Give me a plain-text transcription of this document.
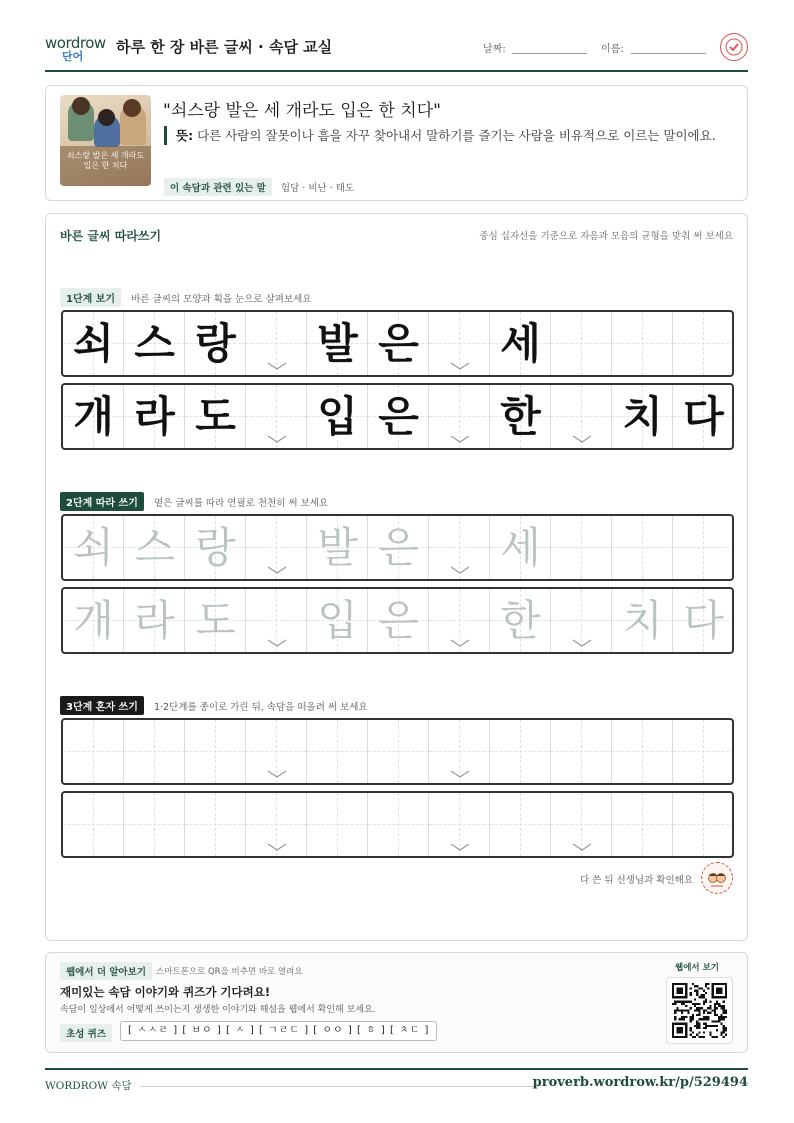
wordrow
단어
하루 한 장 바른 글씨 · 속담 교실	날짜:	이름:
쇠스랑 발은 세 개라도
입은 한 치다
"쇠스랑 발은 세 개라도 입은 한 치다"
뜻: 다른 사람의 잘못이나 흠을 자꾸 찾아내서 말하기를 즐기는 사람을 비유적으로 이르는 말이에요.
이 속담과 관련 있는 말 험담 · 비난 · 태도
바른 글씨 따라쓰기	중심 십자선을 기준으로 자음과 모음의 균형을 맞춰 써 보세요
1단계 보기 바른 글씨의 모양과 획을 눈으로 살펴보세요
쇠 스 랑 발 은 세
개 라 도 입 은 한 치 다
2단계 따라 쓰기 옅은 글씨를 따라 연필로 천천히 써 보세요
쇠 스 랑 발 은 세
개 라 도 입 은 한 치 다
3단계 혼자 쓰기 1·2단계를 종이로 가린 뒤, 속담을 떠올려 써 보세요
다 쓴 뒤 선생님과 확인해요
웹에서 더 알아보기	스마트폰으로 QR을 비추면 바로 열려요
재미있는 속담 이야기와 퀴즈가 기다려요!
속담이 일상에서 어떻게 쓰이는지 생생한 이야기와 해설을 웹에서 확인해 보세요.
초성 퀴즈	[ ㅅㅅㄹ ] [ ㅂㅇ ] [ ㅅ ] [ ㄱㄹㄷ ] [ ㅇㅇ ] [ ㅎ ] [ ㅊㄷ ]
웹에서 보기
WORDROW 속담	proverb.wordrow.kr/p/529494
